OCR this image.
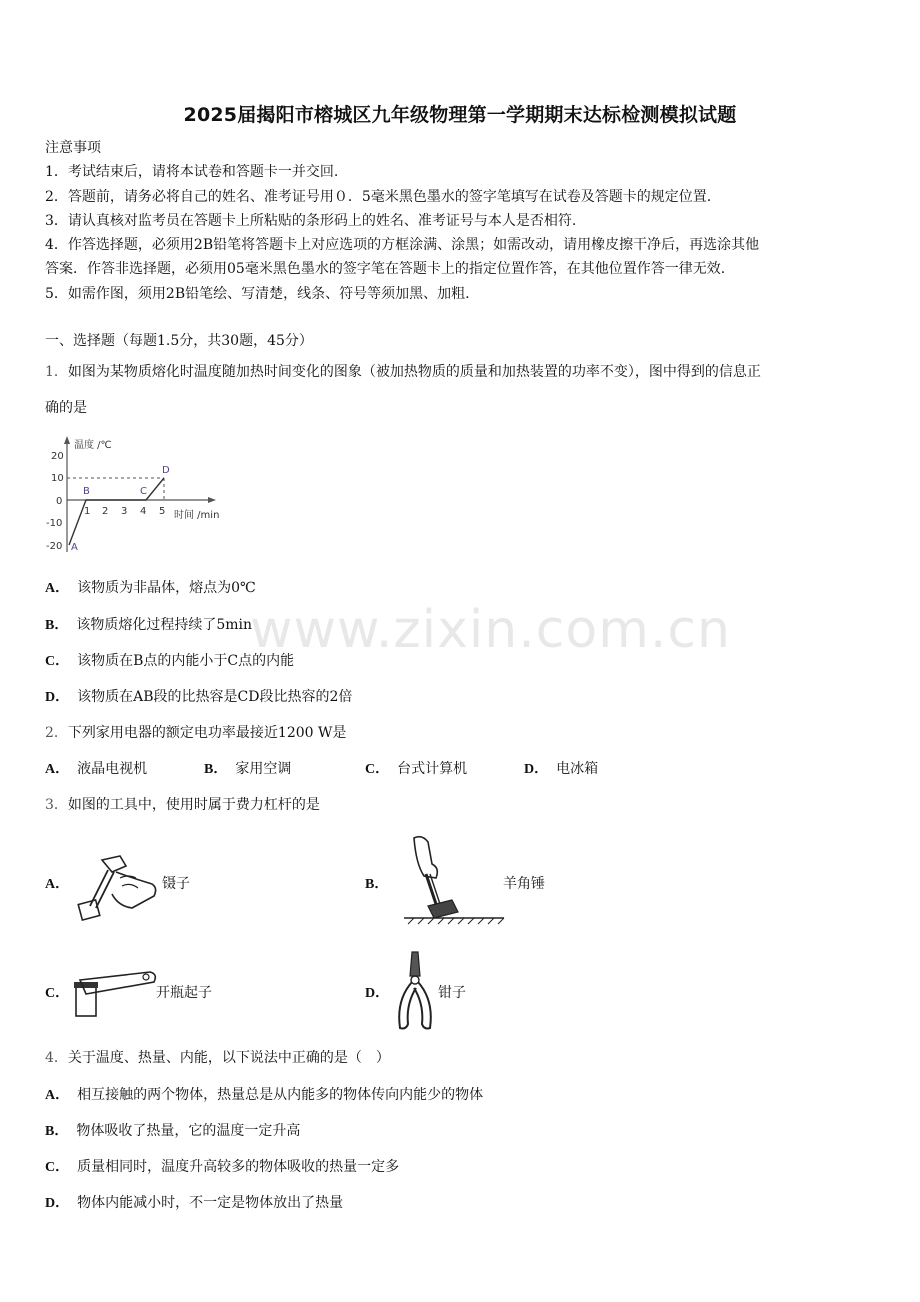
2025届揭阳市榕城区九年级物理第一学期期末达标检测模拟试题
注意事项
1．考试结束后，请将本试卷和答题卡一并交回.
2．答题前，请务必将自己的姓名、准考证号用０．5毫米黑色墨水的签字笔填写在试卷及答题卡的规定位置.
3．请认真核对监考员在答题卡上所粘贴的条形码上的姓名、准考证号与本人是否相符.
4．作答选择题，必须用2B铅笔将答题卡上对应选项的方框涂满、涂黑；如需改动，请用橡皮擦干净后，再选涂其他
答案．作答非选择题，必须用05毫米黑色墨水的签字笔在答题卡上的指定位置作答，在其他位置作答一律无效.
5．如需作图，须用2B铅笔绘、写清楚，线条、符号等须加黑、加粗.
一、选择题（每题1.5分，共30题，45分）
1．如图为某物质熔化时温度随加热时间变化的图象（被加热物质的质量和加热装置的功率不变），图中得到的信息正
确的是
温度 /℃
时间 /min
20
10
0
-10
-20
1 2 3 4 5
A
B	C
D
A． 该物质为非晶体，熔点为0℃
B． 该物质熔化过程持续了5min
C． 该物质在B点的内能小于C点的内能
D． 该物质在AB段的比热容是CD段比热容的2倍
2．下列家用电器的额定电功率最接近1200 W是
A． 液晶电视机	B． 家用空调	C． 台式计算机	D． 电冰箱
3．如图的工具中，使用时属于费力杠杆的是
A．	镊子	B．	羊角锤
C．	开瓶起子	D．	钳子
4．关于温度、热量、内能，以下说法中正确的是（　）
A． 相互接触的两个物体，热量总是从内能多的物体传向内能少的物体
B． 物体吸收了热量，它的温度一定升高
C． 质量相同时，温度升高较多的物体吸收的热量一定多
D． 物体内能减小时，不一定是物体放出了热量
www.zixin.com.cn
